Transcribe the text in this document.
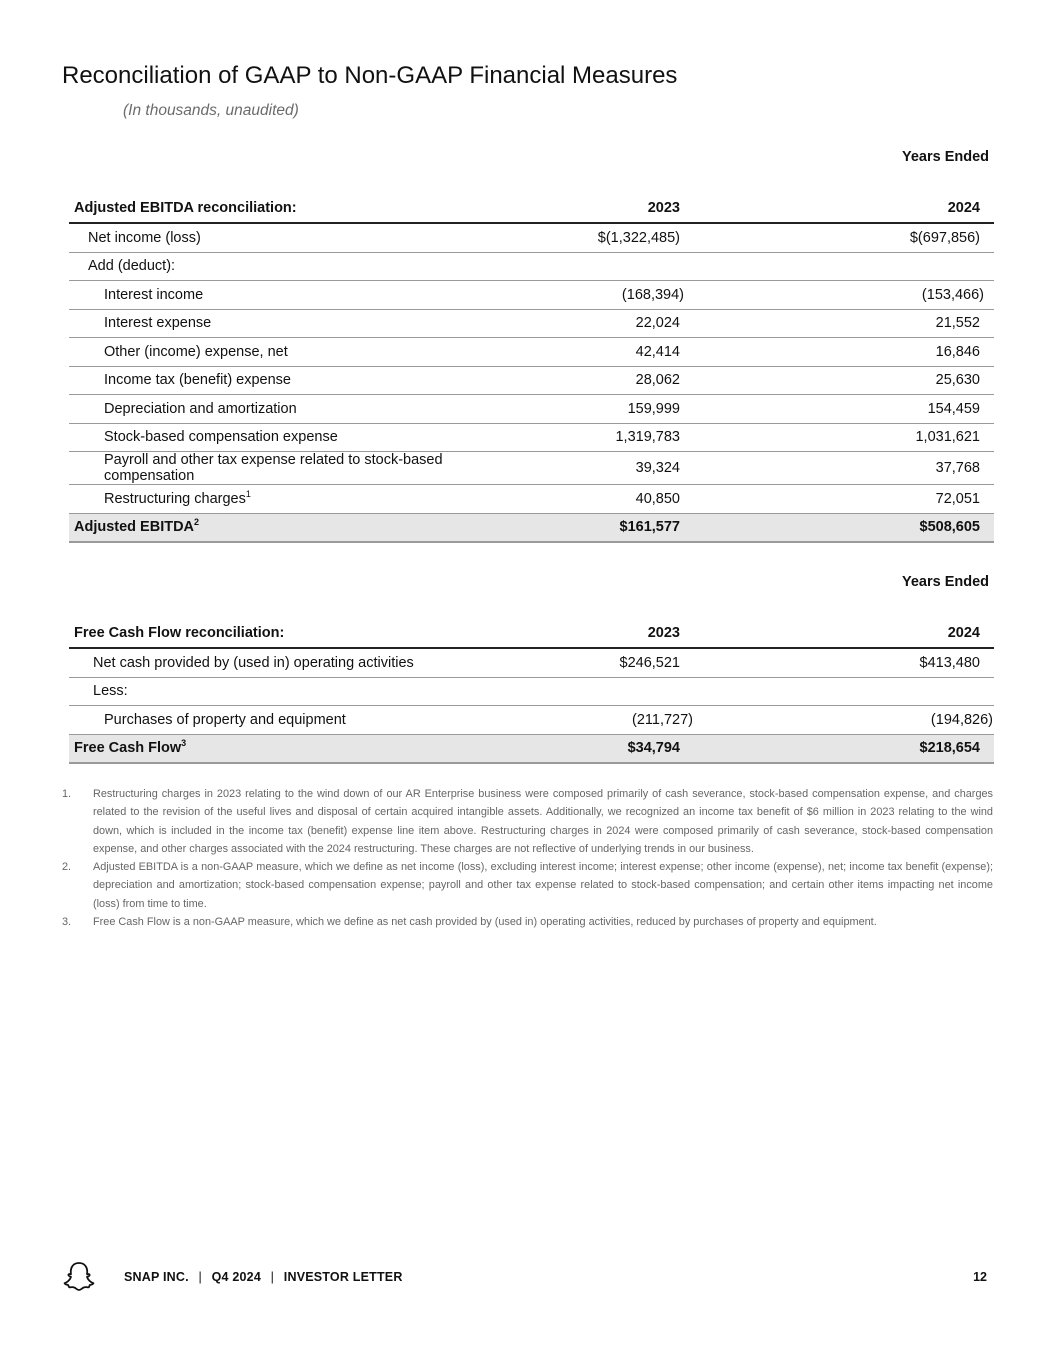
Reconciliation of GAAP to Non-GAAP Financial Measures
(In thousands, unaudited)
Years Ended
Adjusted EBITDA reconciliation:	2023	2024
Net income (loss)	$(1,322,485)	$(697,856)
Add (deduct):		
Interest income	(168,394)	(153,466)
Interest expense	22,024	21,552
Other (income) expense, net	42,414	16,846
Income tax (benefit) expense	28,062	25,630
Depreciation and amortization	159,999	154,459
Stock-based compensation expense	1,319,783	1,031,621
Payroll and other tax expense related to stock-based compensation	39,324	37,768
Restructuring charges$^1$	40,850	72,051
Adjusted EBITDA$^2$	$161,577	$508,605
Years Ended
Free Cash Flow reconciliation:	2023	2024
Net cash provided by (used in) operating activities	$246,521	$413,480
Less:		
Purchases of property and equipment	(211,727)	(194,826)
Free Cash Flow$^3$	$34,794	$218,654
1. Restructuring charges in 2023 relating to the wind down of our AR Enterprise business were composed primarily of cash severance, stock-based compensation expense, and charges related to the revision of the useful lives and disposal of certain acquired intangible assets. Additionally, we recognized an income tax benefit of $6 million in 2023 relating to the wind down, which is included in the income tax (benefit) expense line item above. Restructuring charges in 2024 were composed primarily of cash severance, stock-based compensation expense, and other charges associated with the 2024 restructuring. These charges are not reflective of underlying trends in our business.
2. Adjusted EBITDA is a non-GAAP measure, which we define as net income (loss), excluding interest income; interest expense; other income (expense), net; income tax benefit (expense); depreciation and amortization; stock-based compensation expense; payroll and other tax expense related to stock-based compensation; and certain other items impacting net income (loss) from time to time.
3. Free Cash Flow is a non-GAAP measure, which we define as net cash provided by (used in) operating activities, reduced by purchases of property and equipment.
SNAP INC. | Q4 2024 | INVESTOR LETTER	12
